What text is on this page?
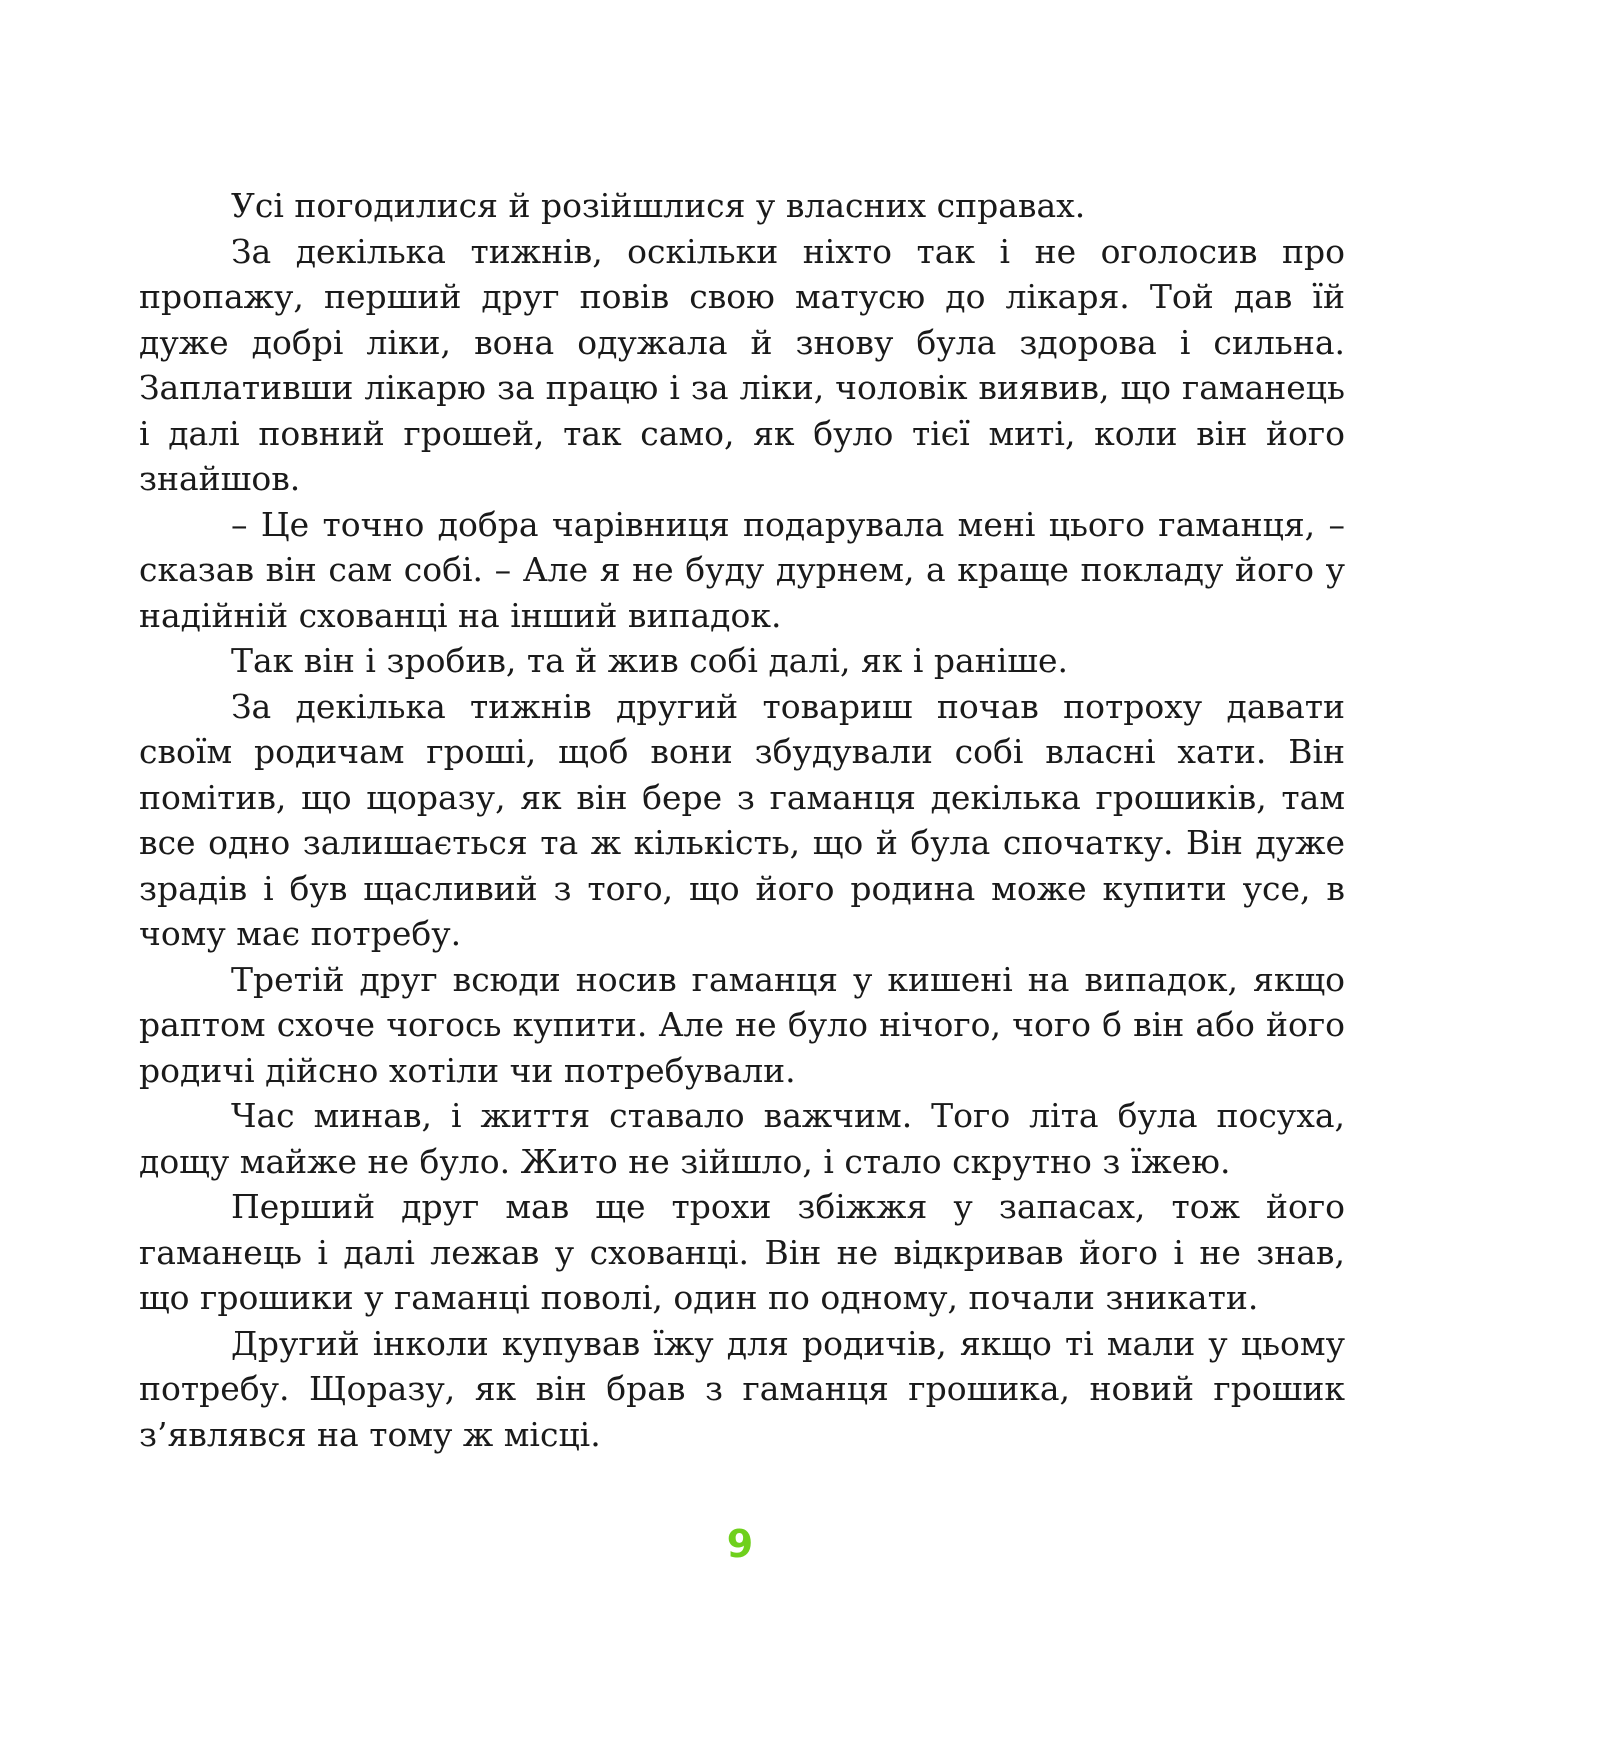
Усі погодилися й розійшлися у власних справах.

За декілька тижнів, оскільки ніхто так і не оголосив про пропажу, перший друг повів свою матусю до лікаря. Той дав їй дуже добрі ліки, вона одужала й знову була здорова і сильна. Заплативши лікарю за працю і за ліки, чоловік виявив, що гаманець і далі повний грошей, так само, як було тієї миті, коли він його знайшов.

– Це точно добра чарівниця подарувала мені цього гаманця, – сказав він сам собі. – Але я не буду дурнем, а краще покладу його у надійній схованці на інший випадок.

Так він і зробив, та й жив собі далі, як і раніше.

За декілька тижнів другий товариш почав потроху давати своїм родичам гроші, щоб вони збудували собі власні хати. Він помітив, що щоразу, як він бере з гаманця декілька грошиків, там все одно залишається та ж кількість, що й була спочатку. Він дуже зрадів і був щасливий з того, що його родина може купити усе, в чому має потребу.

Третій друг всюди носив гаманця у кишені на випадок, якщо раптом схоче чогось купити. Але не було нічого, чого б він або його родичі дійсно хотіли чи потребували.

Час минав, і життя ставало важчим. Того літа була посуха, дощу майже не було. Жито не зійшло, і стало скрутно з їжею.

Перший друг мав ще трохи збіжжя у запасах, тож його гаманець і далі лежав у схованці. Він не відкривав його і не знав, що грошики у гаманці поволі, один по одному, почали зникати.

Другий інколи купував їжу для родичів, якщо ті мали у цьому потребу. Щоразу, як він брав з гаманця грошика, новий грошик з’являвся на тому ж місці.

9
